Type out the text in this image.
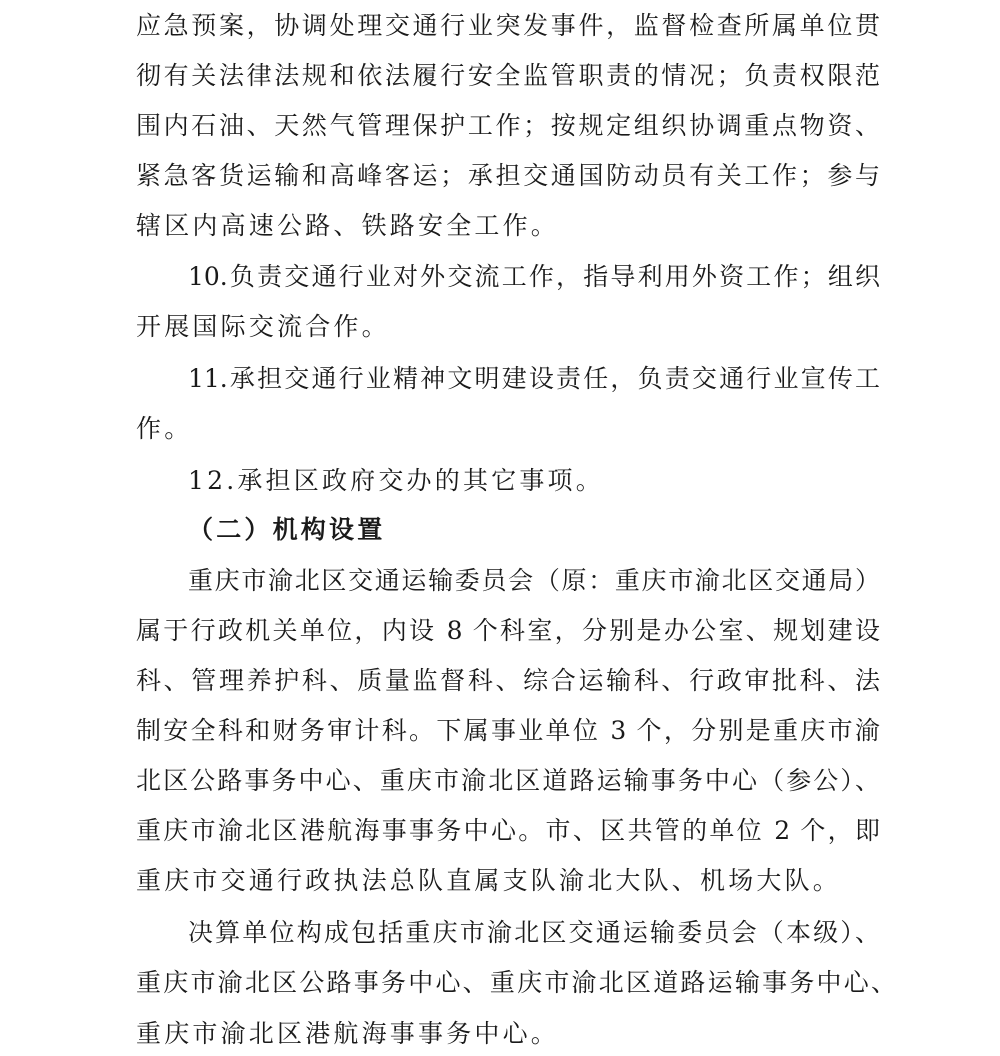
应急预案，协调处理交通行业突发事件，监督检查所属单位贯
彻有关法律法规和依法履行安全监管职责的情况；负责权限范
围内石油、天然气管理保护工作；按规定组织协调重点物资、
紧急客货运输和高峰客运；承担交通国防动员有关工作；参与
辖区内高速公路、铁路安全工作。
10.负责交通行业对外交流工作，指导利用外资工作；组织
开展国际交流合作。
11.承担交通行业精神文明建设责任，负责交通行业宣传工
作。
12.承担区政府交办的其它事项。
（二）机构设置
重庆市渝北区交通运输委员会（原：重庆市渝北区交通局）
属于行政机关单位，内设 8 个科室，分别是办公室、规划建设
科、管理养护科、质量监督科、综合运输科、行政审批科、法
制安全科和财务审计科。下属事业单位 3 个，分别是重庆市渝
北区公路事务中心、重庆市渝北区道路运输事务中心（参公）、
重庆市渝北区港航海事事务中心。市、区共管的单位 2 个，即
重庆市交通行政执法总队直属支队渝北大队、机场大队。
决算单位构成包括重庆市渝北区交通运输委员会（本级）、
重庆市渝北区公路事务中心、重庆市渝北区道路运输事务中心、
重庆市渝北区港航海事事务中心。
